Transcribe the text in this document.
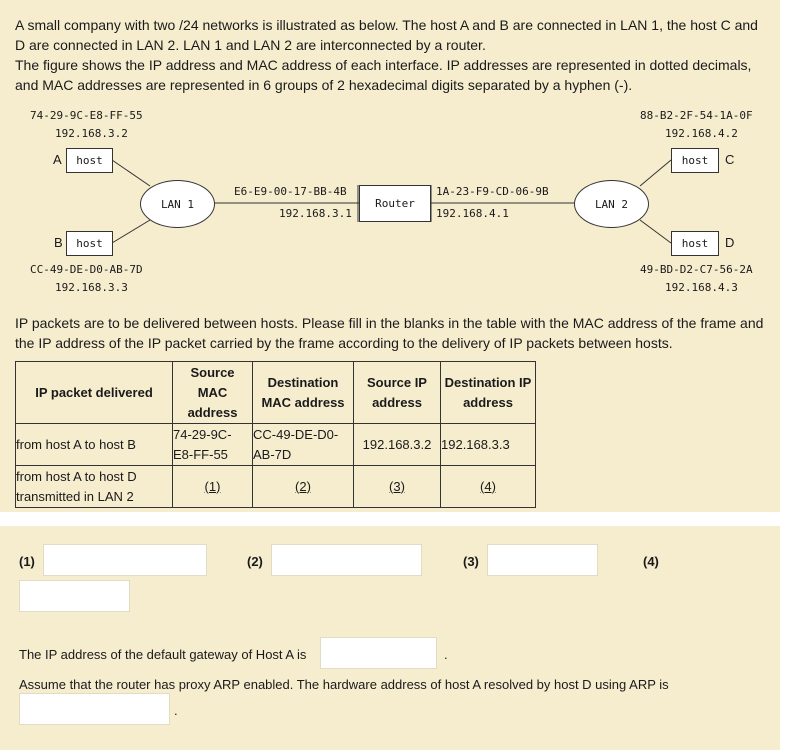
A small company with two /24 networks is illustrated as below. The host A and B are connected in LAN 1, the host C and D are connected in LAN 2. LAN 1 and LAN 2 are interconnected by a router.

The figure shows the IP address and MAC address of each interface. IP addresses are represented in dotted decimals, and MAC addresses are represented in 6 groups of 2 hexadecimal digits separated by a hyphen (-).

74-29-9C-E8-FF-55
192.168.3.2
A	host
B	host
CC-49-DE-D0-AB-7D
192.168.3.3
LAN 1
E6-E9-00-17-BB-4B
192.168.3.1
Router
1A-23-F9-CD-06-9B
192.168.4.1
LAN 2
88-B2-2F-54-1A-0F
192.168.4.2
host	C
host	D
49-BD-D2-C7-56-2A
192.168.4.3

IP packets are to be delivered between hosts. Please fill in the blanks in the table with the MAC address of the frame and the IP address of the IP packet carried by the frame according to the delivery of IP packets between hosts.

IP packet delivered	Source
MAC
address	Destination
MAC address	Source IP
address	Destination IP
address
from host A to host B	74-29-9C-
E8-FF-55	CC-49-DE-D0-
AB-7D	192.168.3.2	192.168.3.3
from host A to host D
transmitted in LAN 2	(1)	(2)	(3)	(4)
(1)	(2)	(3)	(4)
The IP address of the default gateway of Host A is	.
Assume that the router has proxy ARP enabled. The hardware address of host A resolved by host D using ARP is
.
